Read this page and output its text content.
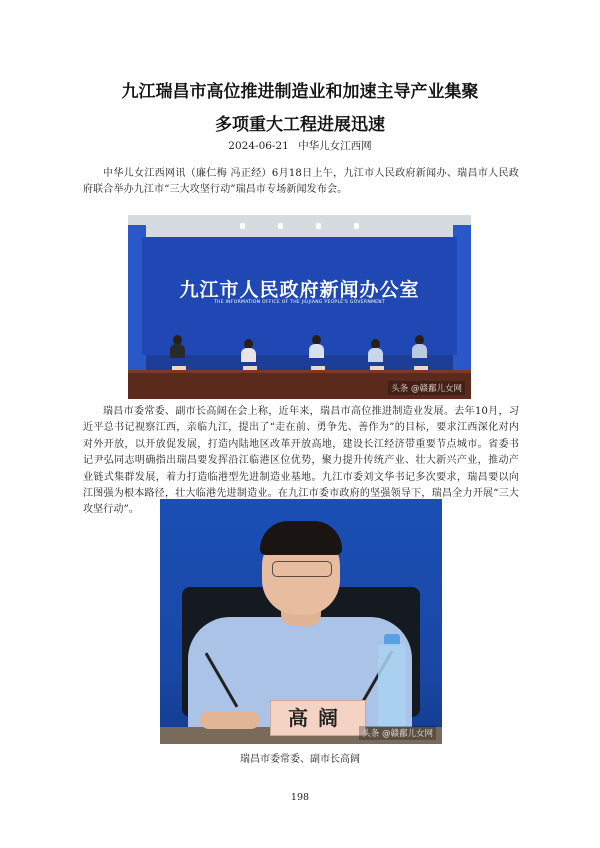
九江瑞昌市高位推进制造业和加速主导产业集聚
多项重大工程进展迅速
2024-06-21 中华儿女江西网

中华儿女江西网讯（廉仁梅 冯正经）6月18日上午，九江市人民政府新闻办、瑞昌市人民政府联合举办九江市“三大攻坚行动”瑞昌市专场新闻发布会。

九江市人民政府新闻办公室
THE INFORMATION OFFICE OF THE JIUJIANG PEOPLE'S GOVERNMENT
头条 @赣鄱儿女网

瑞昌市委常委、副市长高阔在会上称，近年来，瑞昌市高位推进制造业发展。去年10月，习近平总书记视察江西，亲临九江，提出了“走在前、勇争先、善作为”的目标，要求江西深化对内对外开放，以开放促发展，打造内陆地区改革开放高地，建设长江经济带重要节点城市。省委书记尹弘同志明确指出瑞昌要发挥沿江临港区位优势，聚力提升传统产业、壮大新兴产业，推动产业链式集群发展，着力打造临港型先进制造业基地。九江市委刘文华书记多次要求，瑞昌要以向江图强为根本路径，壮大临港先进制造业。在九江市委市政府的坚强领导下，瑞昌全力开展“三大攻坚行动”。

高阔
头条 @赣鄱儿女网
瑞昌市委常委、副市长高阔
198
